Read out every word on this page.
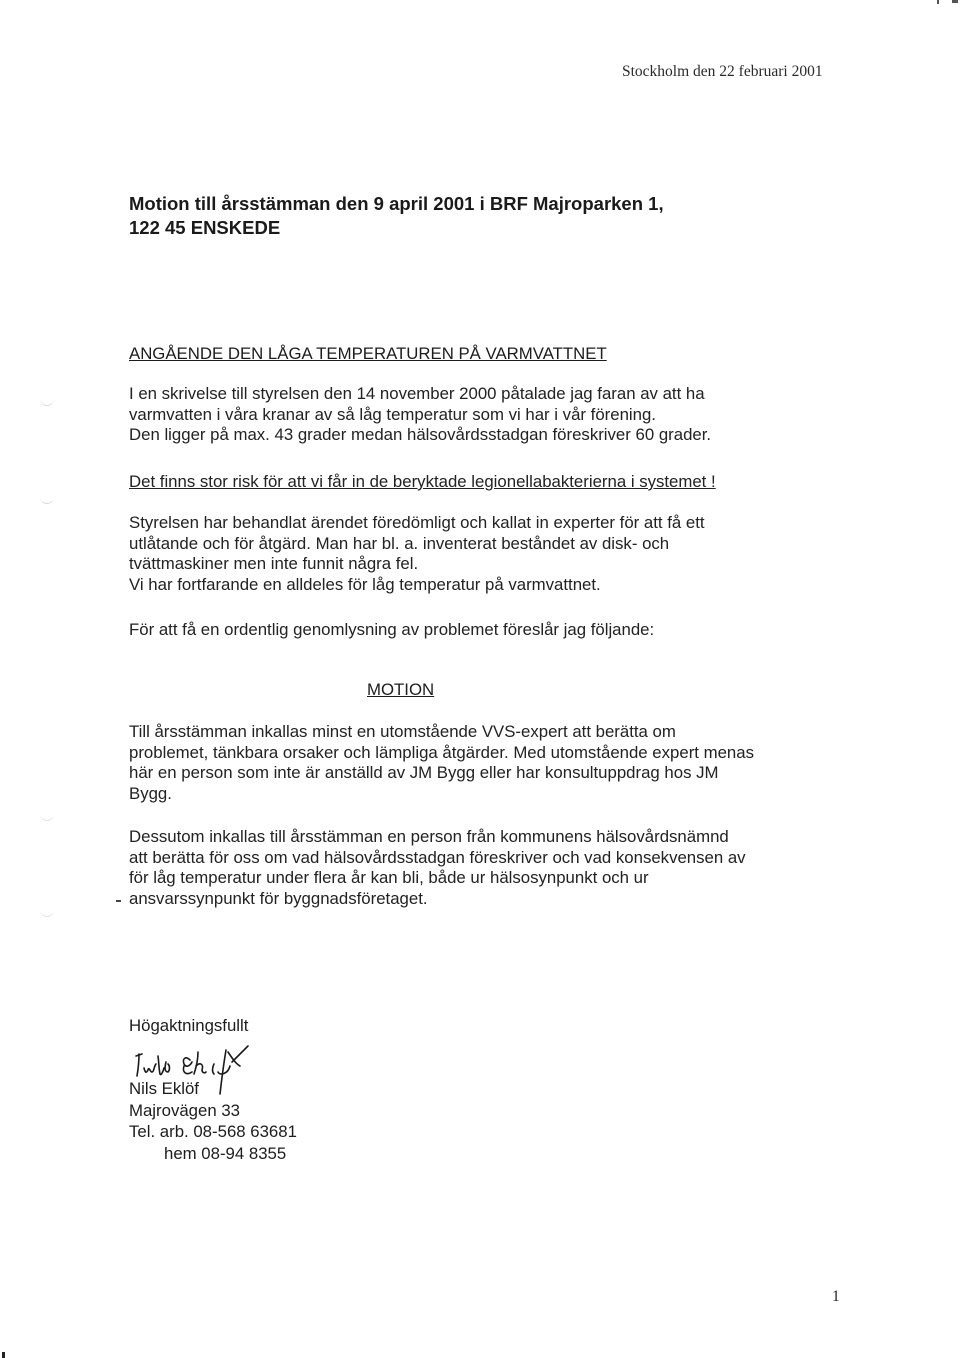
Stockholm den 22 februari 2001
Motion till årsstämman den 9 april 2001 i BRF Majroparken 1,
122 45 ENSKEDE
ANGÅENDE DEN LÅGA TEMPERATUREN PÅ VARMVATTNET
I en skrivelse till styrelsen den 14 november 2000 påtalade jag faran av att ha
varmvatten i våra kranar av så låg temperatur som vi har i vår förening.
Den ligger på max. 43 grader medan hälsovårdsstadgan föreskriver 60 grader.
Det finns stor risk för att vi får in de beryktade legionellabakterierna i systemet !
Styrelsen har behandlat ärendet föredömligt och kallat in experter för att få ett
utlåtande och för åtgärd. Man har bl. a. inventerat beståndet av disk- och
tvättmaskiner men inte funnit några fel.
Vi har fortfarande en alldeles för låg temperatur på varmvattnet.
För att få en ordentlig genomlysning av problemet föreslår jag följande:
MOTION
Till årsstämman inkallas minst en utomstående VVS-expert att berätta om
problemet, tänkbara orsaker och lämpliga åtgärder. Med utomstående expert menas
här en person som inte är anställd av JM Bygg eller har konsultuppdrag hos JM
Bygg.
Dessutom inkallas till årsstämman en person från kommunens hälsovårdsnämnd
att berätta för oss om vad hälsovårdsstadgan föreskriver och vad konsekvensen av
för låg temperatur under flera år kan bli, både ur hälsosynpunkt och ur
ansvarssynpunkt för byggnadsföretaget.
Högaktningsfullt
Nils Eklöf
Majrovägen 33
Tel. arb. 08-568 63681
hem 08-94 8355
1
